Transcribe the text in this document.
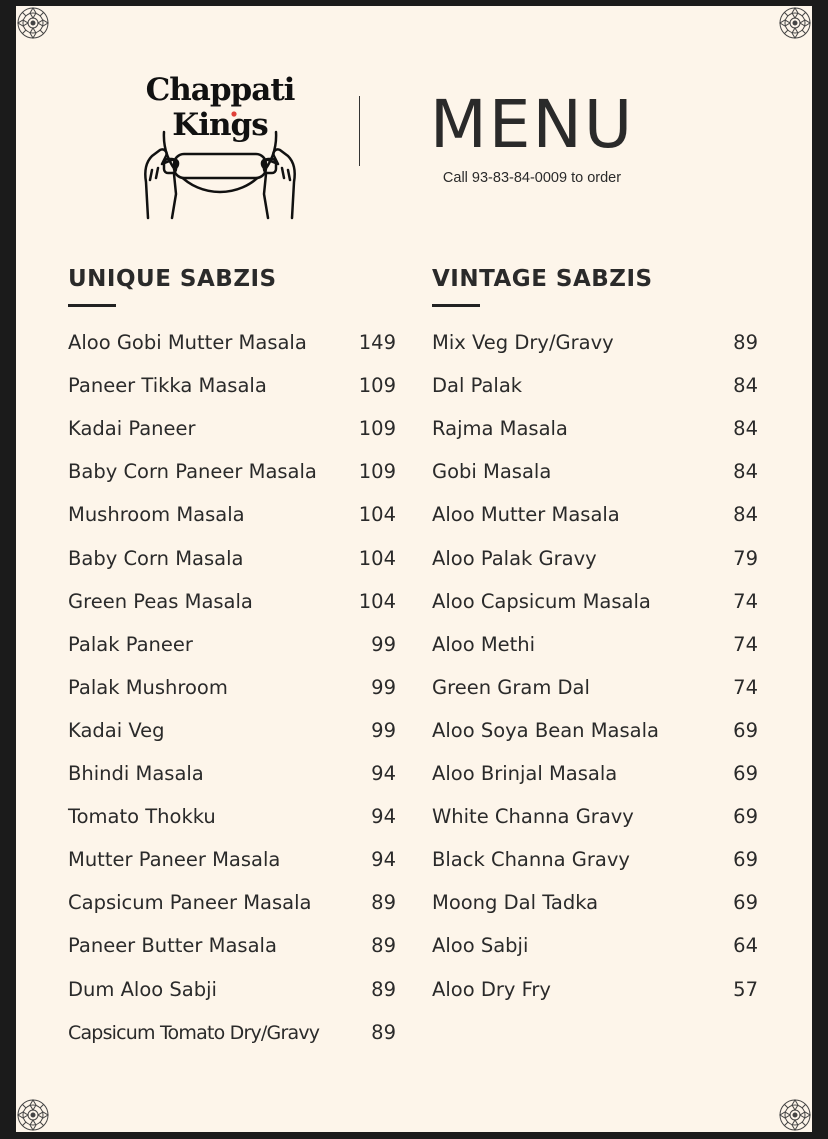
Chappati
Kings	MENU
Call 93-83-84-0009 to order
UNIQUE SABZIS
Aloo Gobi Mutter Masala	149
Paneer Tikka Masala	109
Kadai Paneer	109
Baby Corn Paneer Masala 109
Mushroom Masala	104
Baby Corn Masala	104
Green Peas Masala	104
Palak Paneer	99
Palak Mushroom	99
Kadai Veg	99
Bhindi Masala	94
Tomato Thokku	94
Mutter Paneer Masala	94
Capsicum Paneer Masala	89
Paneer Butter Masala	89
Dum Aloo Sabji	89
Capsicum Tomato Dry/Gravy	89
VINTAGE SABZIS
Mix Veg Dry/Gravy	89
Dal Palak	84
Rajma Masala	84
Gobi Masala	84
Aloo Mutter Masala	84
Aloo Palak Gravy	79
Aloo Capsicum Masala	74
Aloo Methi	74
Green Gram Dal	74
Aloo Soya Bean Masala	69
Aloo Brinjal Masala	69
White Channa Gravy	69
Black Channa Gravy	69
Moong Dal Tadka	69
Aloo Sabji	64
Aloo Dry Fry	57
